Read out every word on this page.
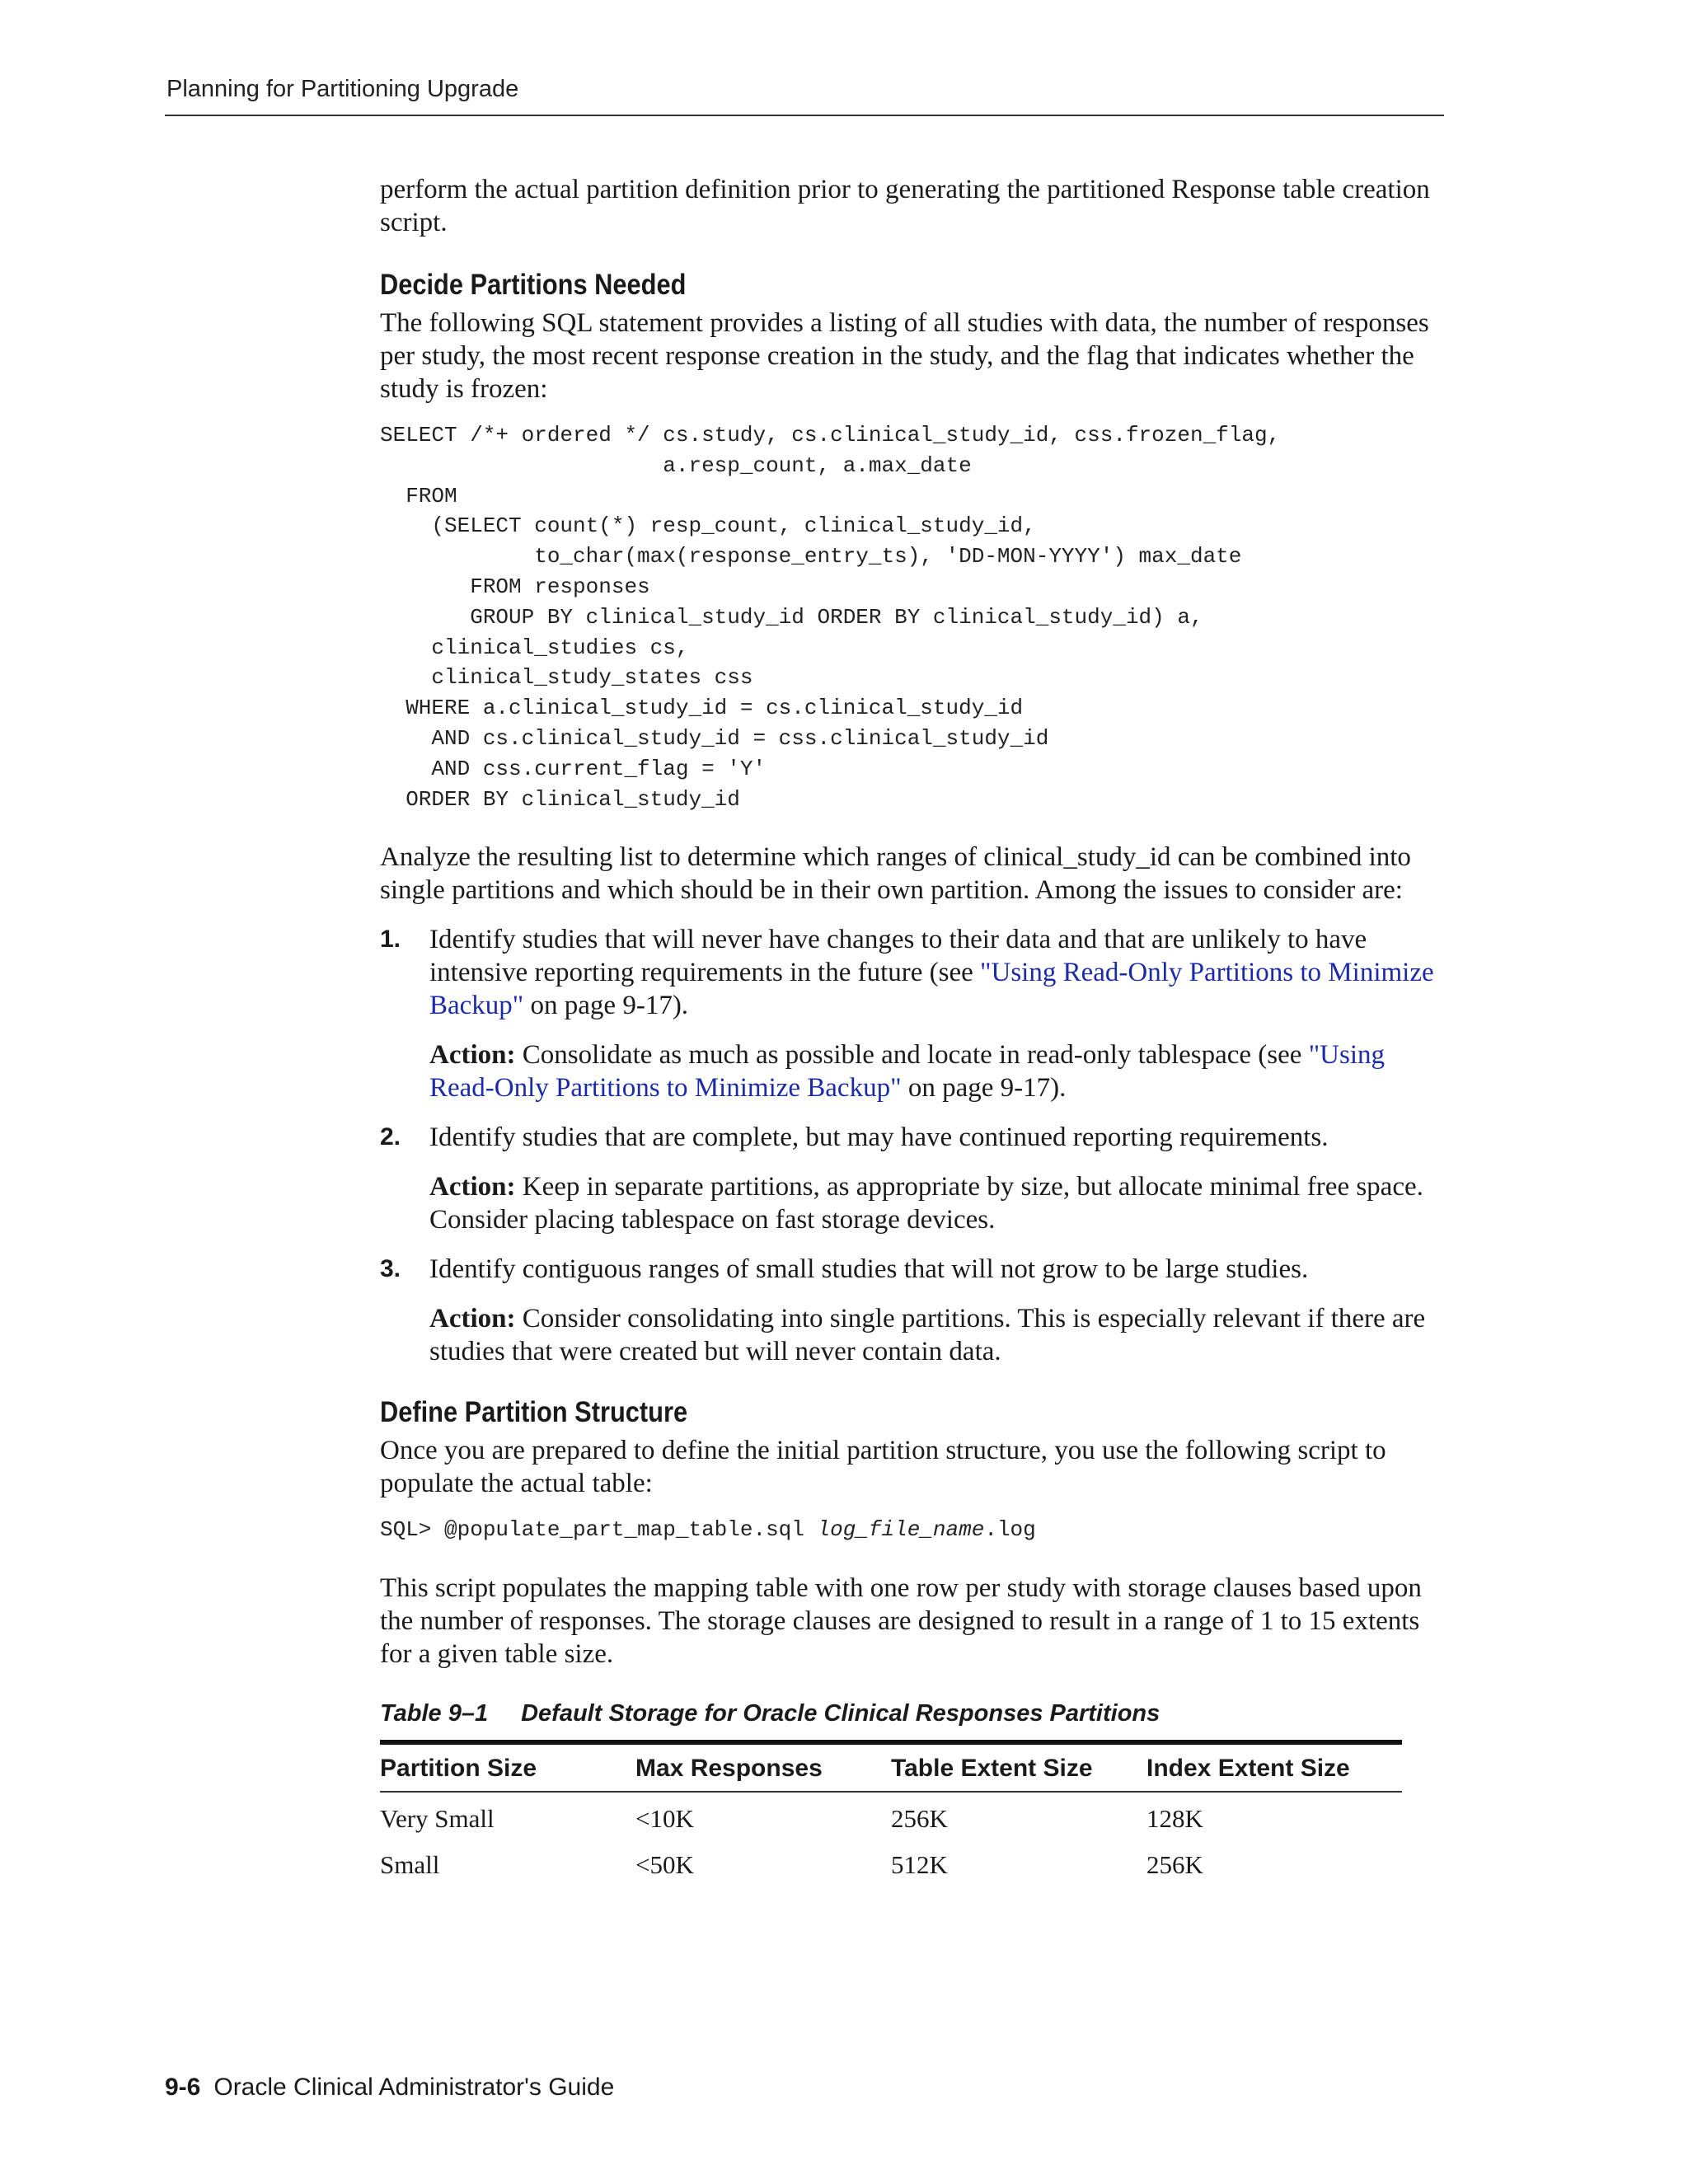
Planning for Partitioning Upgrade

perform the actual partition definition prior to generating the partitioned Response table creation script.

Decide Partitions Needed

The following SQL statement provides a listing of all studies with data, the number of responses per study, the most recent response creation in the study, and the flag that indicates whether the study is frozen:

SELECT /*+ ordered */ cs.study, cs.clinical_study_id, css.frozen_flag,
a.resp_count, a.max_date
FROM
(SELECT count(*) resp_count, clinical_study_id,
to_char(max(response_entry_ts), 'DD-MON-YYYY') max_date
FROM responses
GROUP BY clinical_study_id ORDER BY clinical_study_id) a,
clinical_studies cs,
clinical_study_states css
WHERE a.clinical_study_id = cs.clinical_study_id
AND cs.clinical_study_id = css.clinical_study_id
AND css.current_flag = 'Y'
ORDER BY clinical_study_id

Analyze the resulting list to determine which ranges of clinical_study_id can be combined into single partitions and which should be in their own partition. Among the issues to consider are:

1. Identify studies that will never have changes to their data and that are unlikely to have intensive reporting requirements in the future (see "Using Read-Only Partitions to Minimize Backup" on page 9-17).

Action: Consolidate as much as possible and locate in read-only tablespace (see "Using Read-Only Partitions to Minimize Backup" on page 9-17).

2. Identify studies that are complete, but may have continued reporting requirements.

Action: Keep in separate partitions, as appropriate by size, but allocate minimal free space. Consider placing tablespace on fast storage devices.

3. Identify contiguous ranges of small studies that will not grow to be large studies.

Action: Consider consolidating into single partitions. This is especially relevant if there are studies that were created but will never contain data.

Define Partition Structure

Once you are prepared to define the initial partition structure, you use the following script to populate the actual table:

SQL> @populate_part_map_table.sql log_file_name.log

This script populates the mapping table with one row per study with storage clauses based upon the number of responses. The storage clauses are designed to result in a range of 1 to 15 extents for a given table size.

Table 9–1 Default Storage for Oracle Clinical Responses Partitions
Partition Size	Max Responses	Table Extent Size	Index Extent Size
Very Small	<10K	256K	128K
Small	<50K	512K	256K
9-6 Oracle Clinical Administrator's Guide
